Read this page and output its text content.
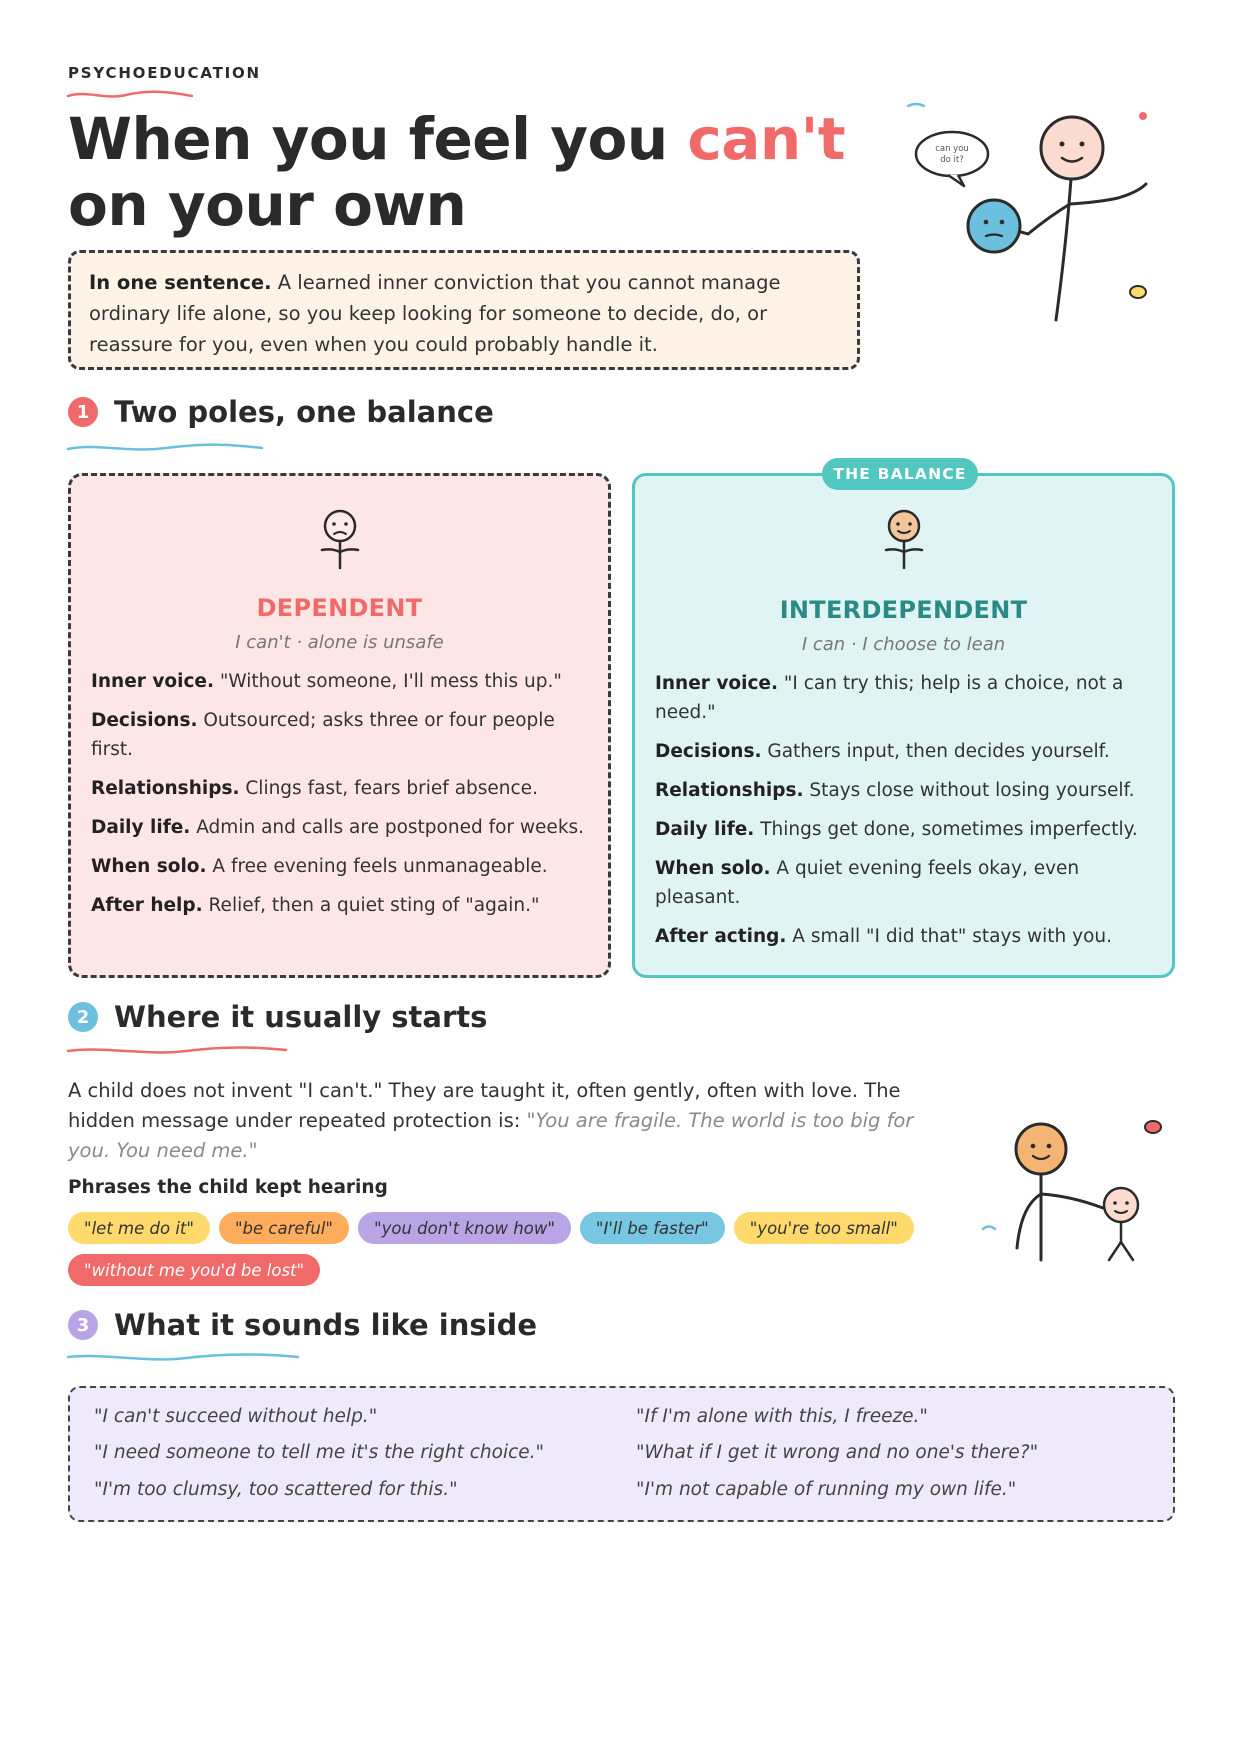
PSYCHOEDUCATION
When you feel you can't on your own
can you
do it?
In one sentence. A learned inner conviction that you cannot manage ordinary life alone, so you keep looking for someone to decide, do, or reassure for you, even when you could probably handle it.
1 Two poles, one balance
DEPENDENT
I can't · alone is unsafe
Inner voice. "Without someone, I'll mess this up."
Decisions. Outsourced; asks three or four people first.
Relationships. Clings fast, fears brief absence.
Daily life. Admin and calls are postponed for weeks.
When solo. A free evening feels unmanageable.
After help. Relief, then a quiet sting of "again."
INTERDEPENDENT
I can · I choose to lean
Inner voice. "I can try this; help is a choice, not a need."
Decisions. Gathers input, then decides yourself.
Relationships. Stays close without losing yourself.
Daily life. Things get done, sometimes imperfectly.
When solo. A quiet evening feels okay, even pleasant.
After acting. A small "I did that" stays with you.
THE BALANCE
2 Where it usually starts
A child does not invent "I can't." They are taught it, often gently, often with love. The hidden message under repeated protection is: "You are fragile. The world is too big for you. You need me."
Phrases the child kept hearing
"let me do it"	"be careful"	"you don't know how"	"I'll be faster"	"you're too small"
"without me you'd be lost"
3 What it sounds like inside
"I can't succeed without help."
"I need someone to tell me it's the right choice."
"I'm too clumsy, too scattered for this."
"If I'm alone with this, I freeze."
"What if I get it wrong and no one's there?"
"I'm not capable of running my own life."
